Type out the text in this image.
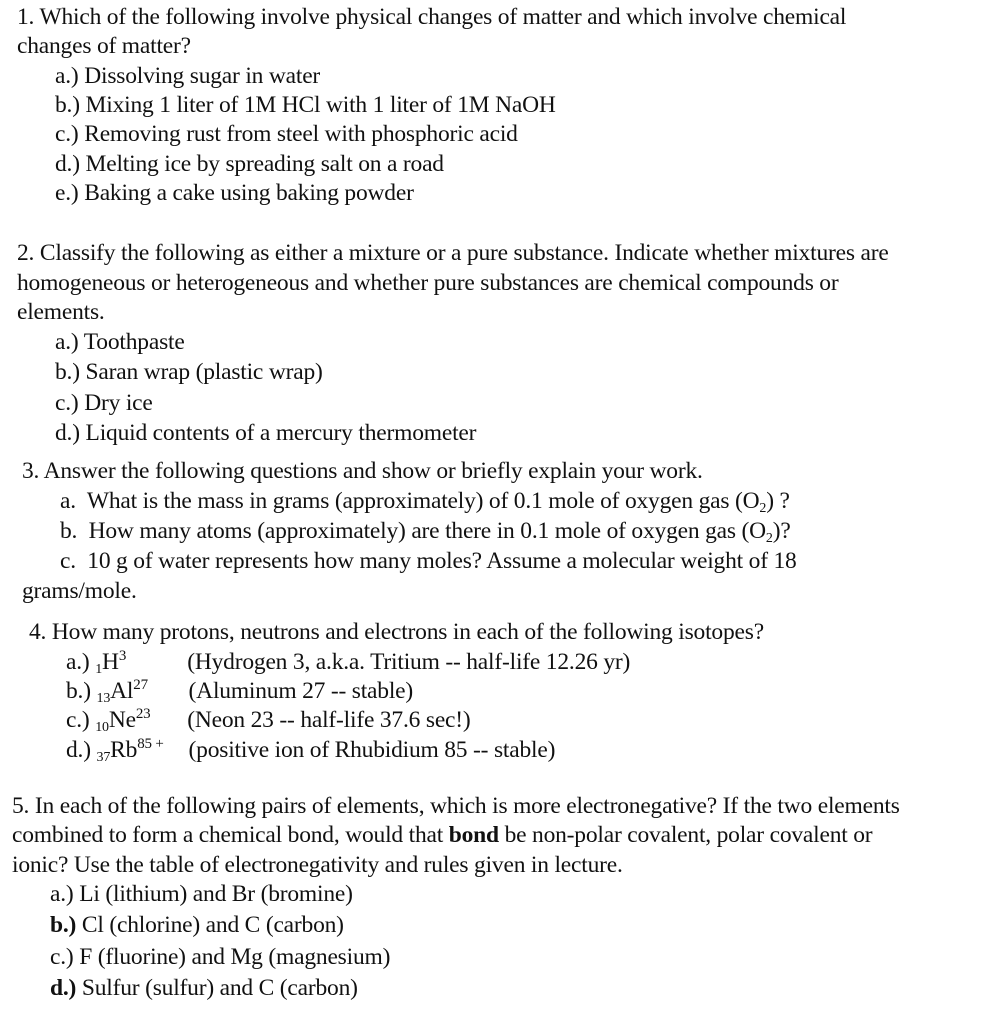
1. Which of the following involve physical changes of matter and which involve chemical
changes of matter?
a.) Dissolving sugar in water
b.) Mixing 1 liter of 1M HCl with 1 liter of 1M NaOH
c.) Removing rust from steel with phosphoric acid
d.) Melting ice by spreading salt on a road
e.) Baking a cake using baking powder
2. Classify the following as either a mixture or a pure substance. Indicate whether mixtures are
homogeneous or heterogeneous and whether pure substances are chemical compounds or
elements.
a.) Toothpaste
b.) Saran wrap (plastic wrap)
c.) Dry ice
d.) Liquid contents of a mercury thermometer
3. Answer the following questions and show or briefly explain your work.
a. What is the mass in grams (approximately) of 0.1 mole of oxygen gas $(O_2)$ ?
b. How many atoms (approximately) are there in 0.1 mole of oxygen gas $(O_2)$?
c. 10 g of water represents how many moles? Assume a molecular weight of 18
grams/mole.
4. How many protons, neutrons and electrons in each of the following isotopes?
a.) $_1H^3$	(Hydrogen 3, a.k.a. Tritium -- half-life 12.26 yr)
b.) $_{13}Al^{27}$ (Aluminum 27 -- stable)
c.) $_{10}Ne^{23}$ (Neon 23 -- half-life 37.6 sec!)
d.) $_{37}Rb^{85 +}$ (positive ion of Rhubidium 85 -- stable)
5. In each of the following pairs of elements, which is more electronegative? If the two elements
combined to form a chemical bond, would that bond be non-polar covalent, polar covalent or
ionic? Use the table of electronegativity and rules given in lecture.
a.) Li (lithium) and Br (bromine)
b.) Cl (chlorine) and C (carbon)
c.) F (fluorine) and Mg (magnesium)
d.) Sulfur (sulfur) and C (carbon)
